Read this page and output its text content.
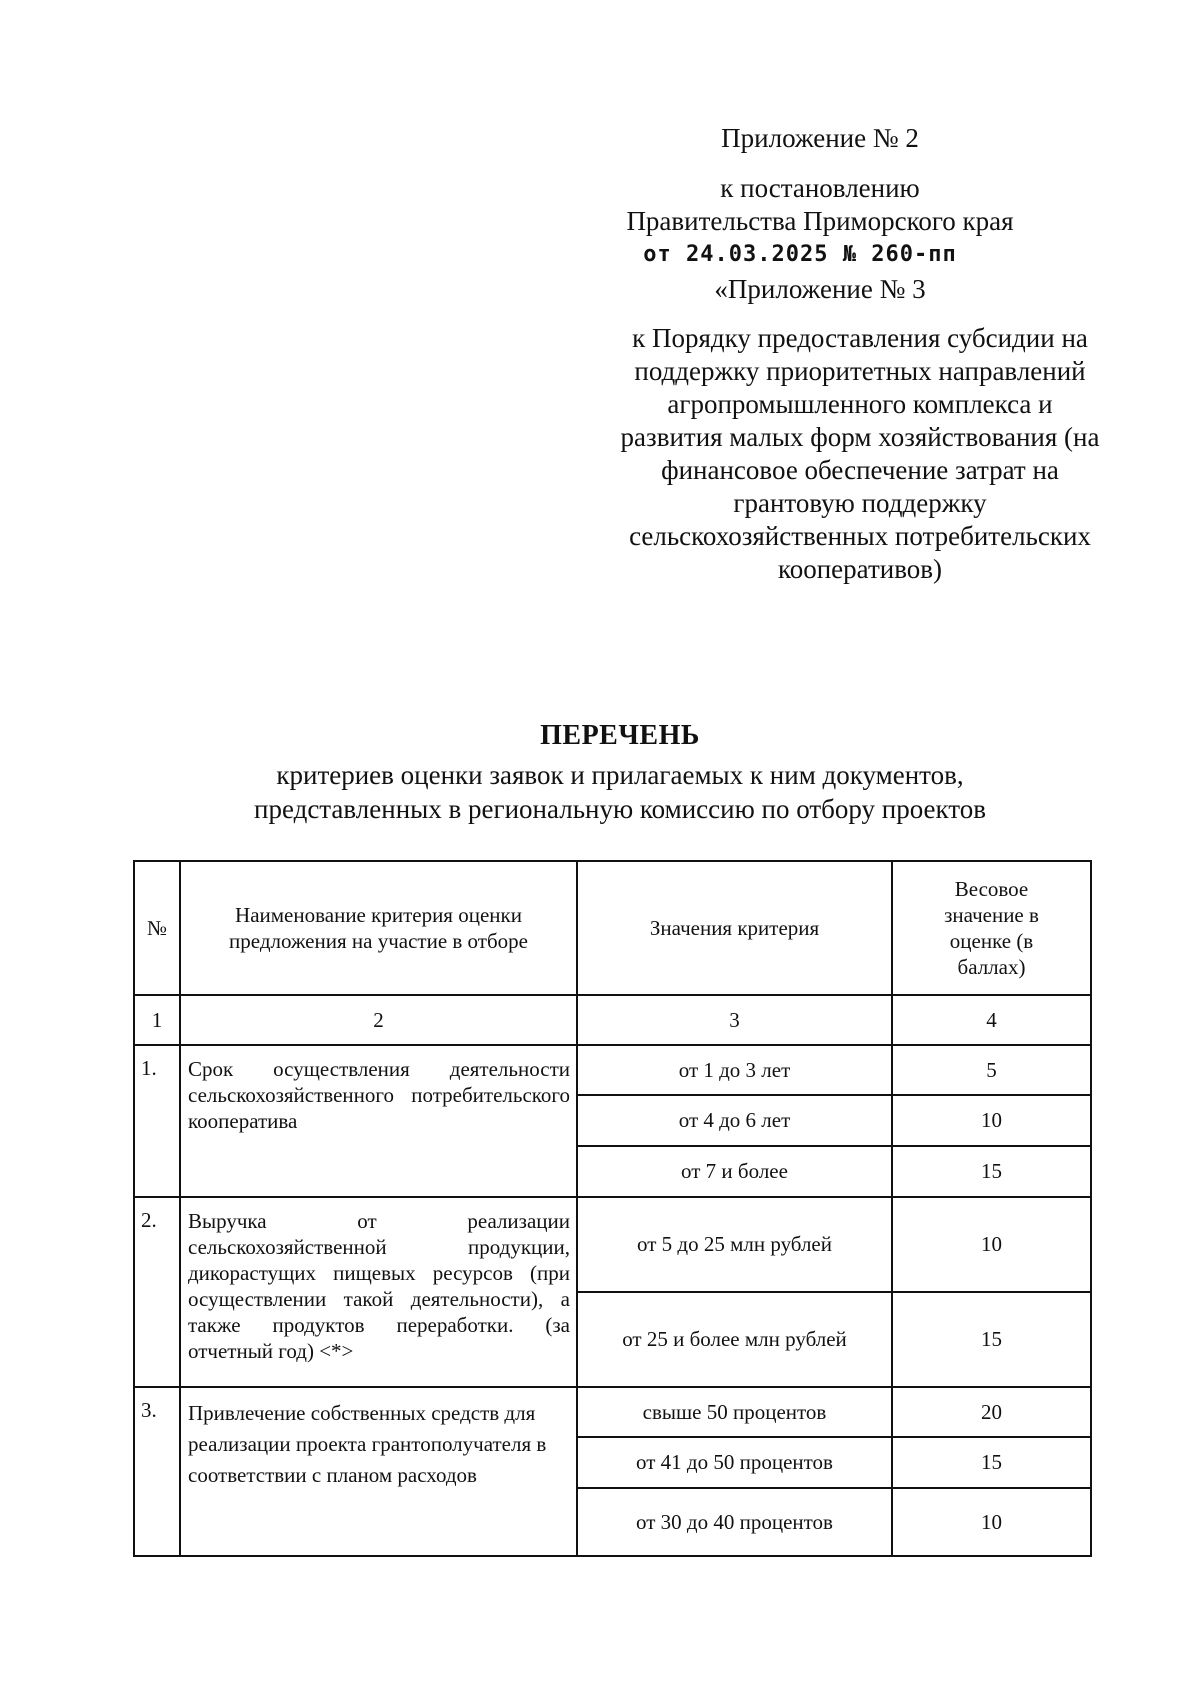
Приложение № 2
к постановлению
Правительства Приморского края
от 24.03.2025 № 260-пп
«Приложение № 3
к Порядку предоставления субсидии на поддержку приоритетных направлений агропромышленного комплекса и развития малых форм хозяйствования (на финансовое обеспечение затрат на грантовую поддержку сельскохозяйственных потребительских кооперативов)
ПЕРЕЧЕНЬ
критериев оценки заявок и прилагаемых к ним документов,
представленных в региональную комиссию по отбору проектов
№	Наименование критерия оценки предложения на участие в отборе	Значения критерия	Весовое значение в оценке (в баллах)
1	2	3	4
1.	Срок осуществления деятельности сельскохозяйственного потребительского кооператива	от 1 до 3 лет	5
		от 4 до 6 лет	10
		от 7 и более	15
2.	Выручка от реализации сельскохозяйственной продукции, дикорастущих пищевых ресурсов (при осуществлении такой деятельности), а также продуктов переработки. (за отчетный год) <*>	от 5 до 25 млн рублей	10
		от 25 и более млн рублей	15
3.	Привлечение собственных средств для реализации проекта грантополучателя в соответствии с планом расходов	свыше 50 процентов	20
		от 41 до 50 процентов	15
		от 30 до 40 процентов	10
